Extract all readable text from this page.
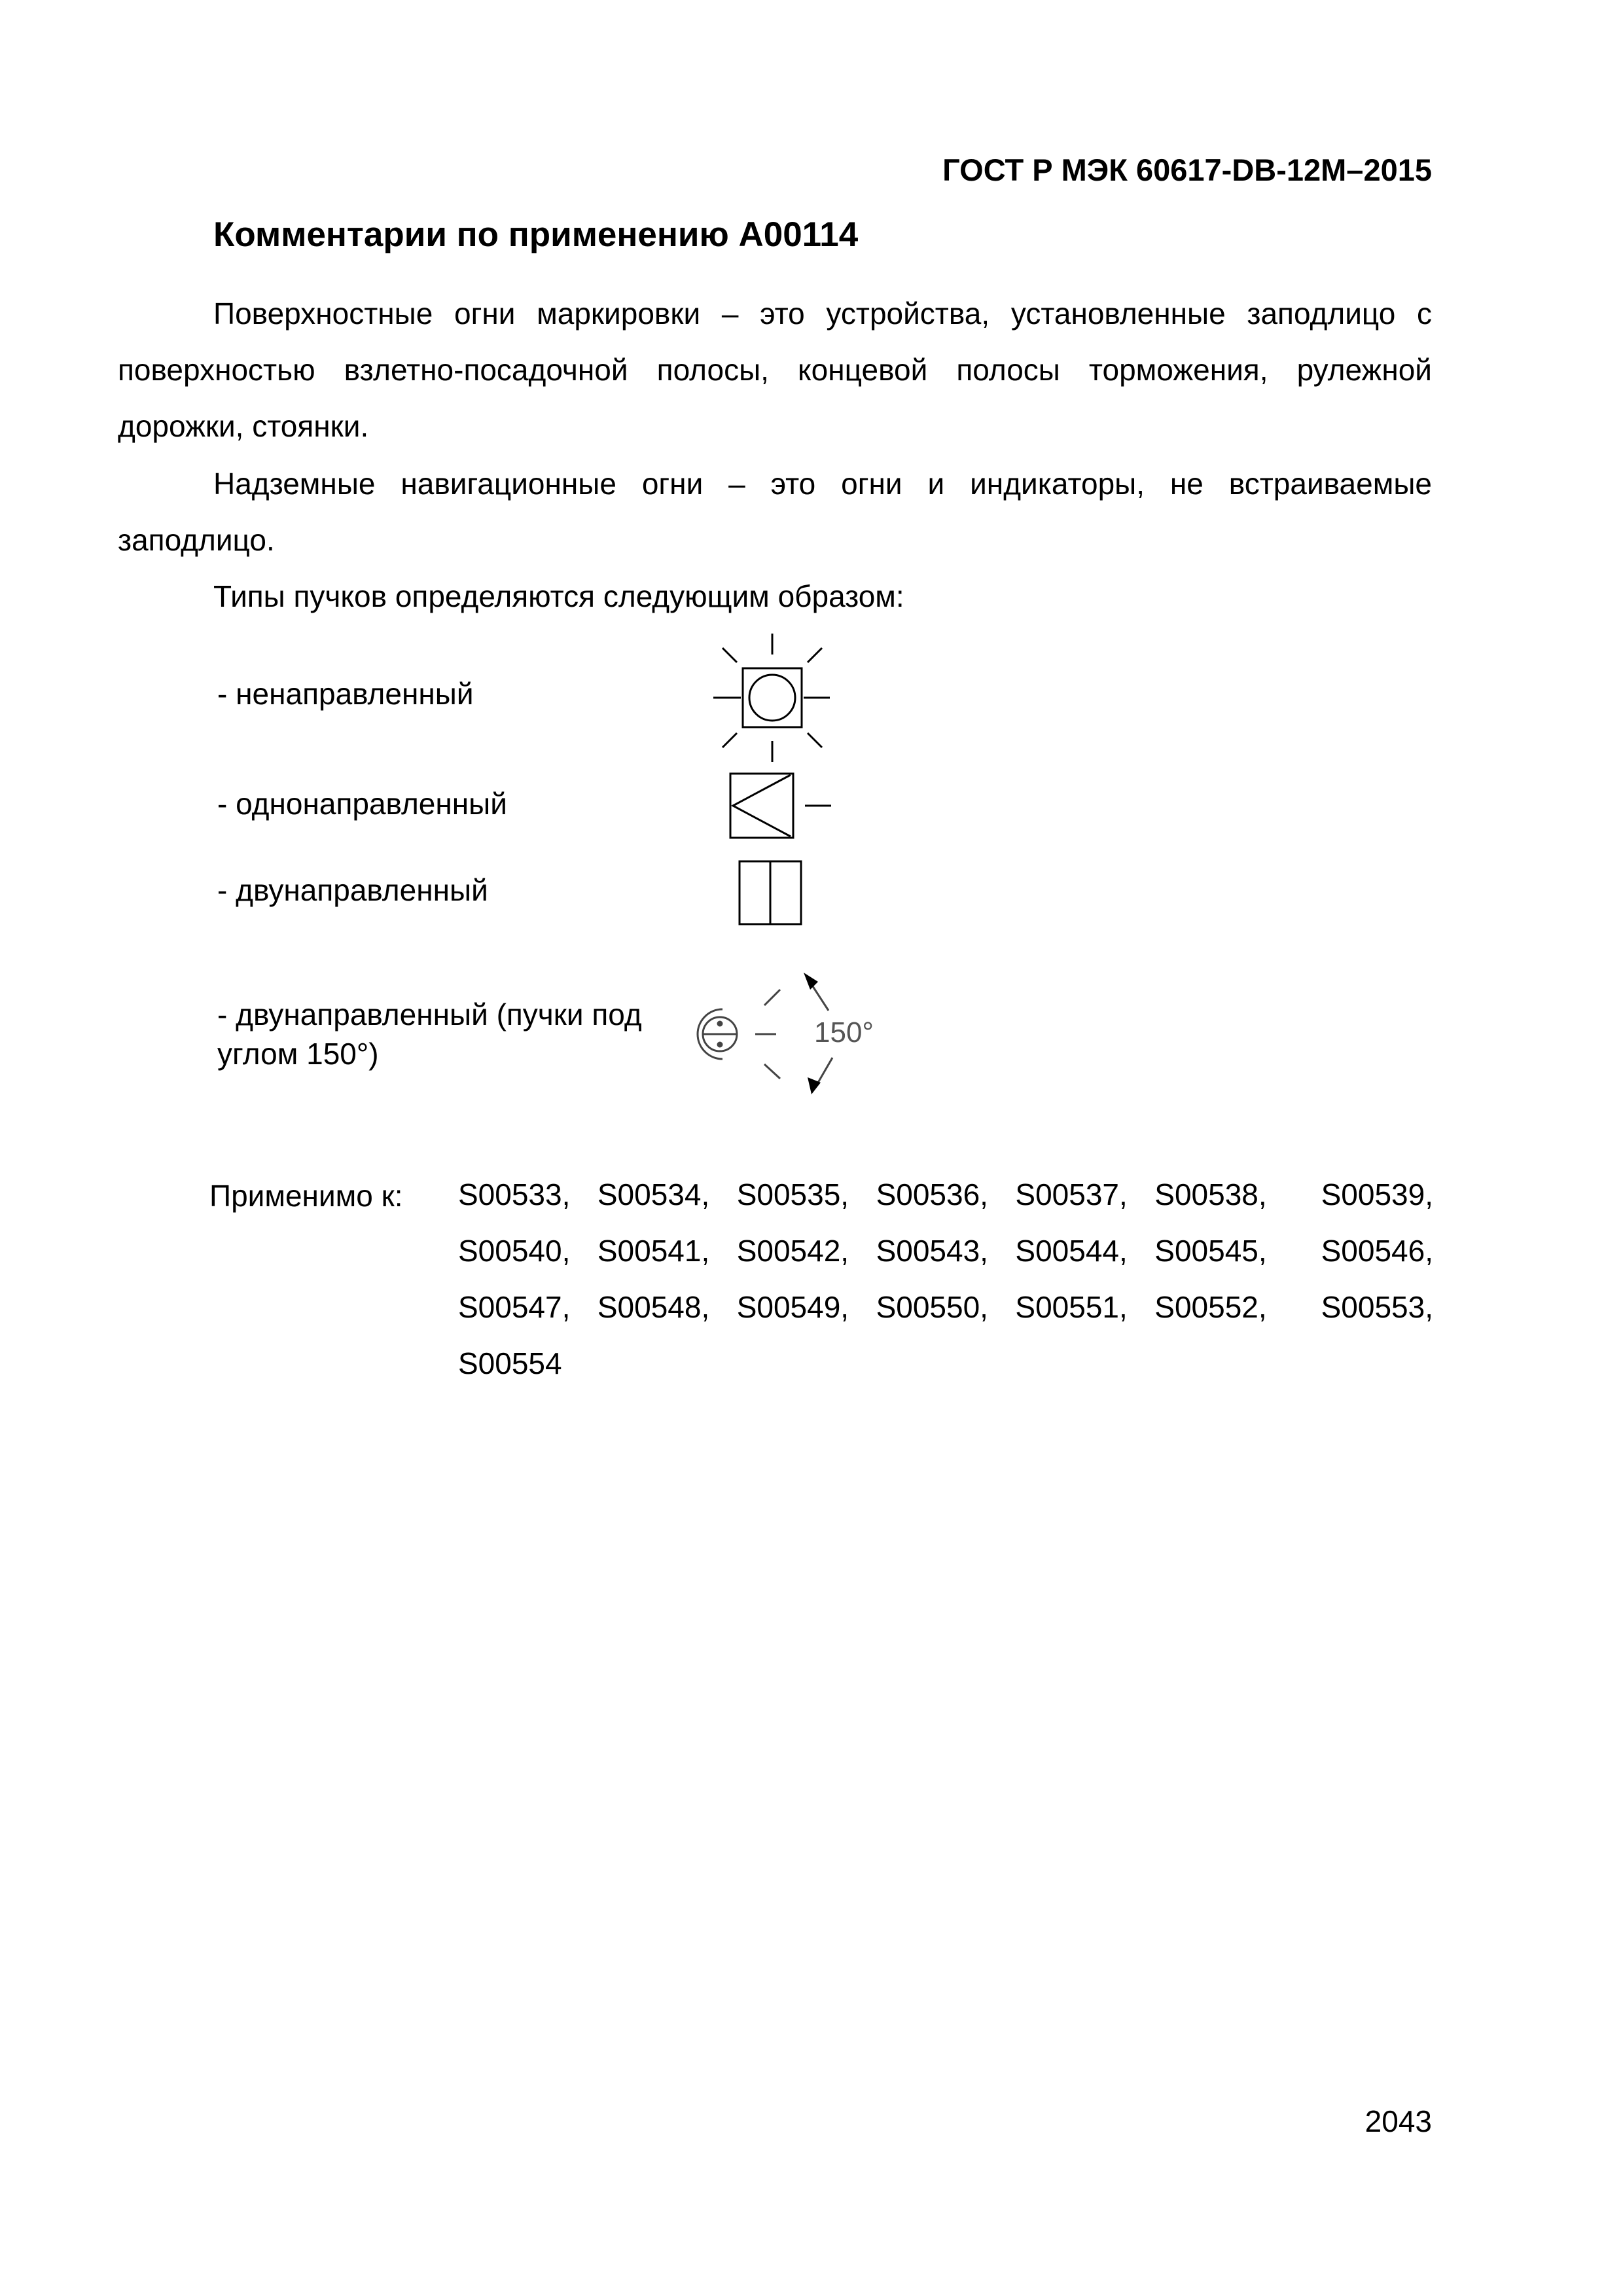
ГОСТ Р МЭК 60617-DB-12M–2015
Комментарии по применению A00114
Поверхностные огни маркировки – это устройства, установленные заподлицо с поверхностью взлетно-посадочной полосы, концевой полосы торможения, рулежной дорожки, стоянки.
Надземные навигационные огни – это огни и индикаторы, не встраиваемые заподлицо.
Типы пучков определяются следующим образом:
- ненаправленный
- однонаправленный
- двунаправленный
- двунаправленный (пучки под углом 150°)
150°
Применимо к: S00533, S00534, S00535, S00536, S00537, S00538,	S00539,
S00540, S00541, S00542, S00543, S00544, S00545,	S00546,
S00547, S00548, S00549, S00550, S00551, S00552,	S00553,
S00554
2043
